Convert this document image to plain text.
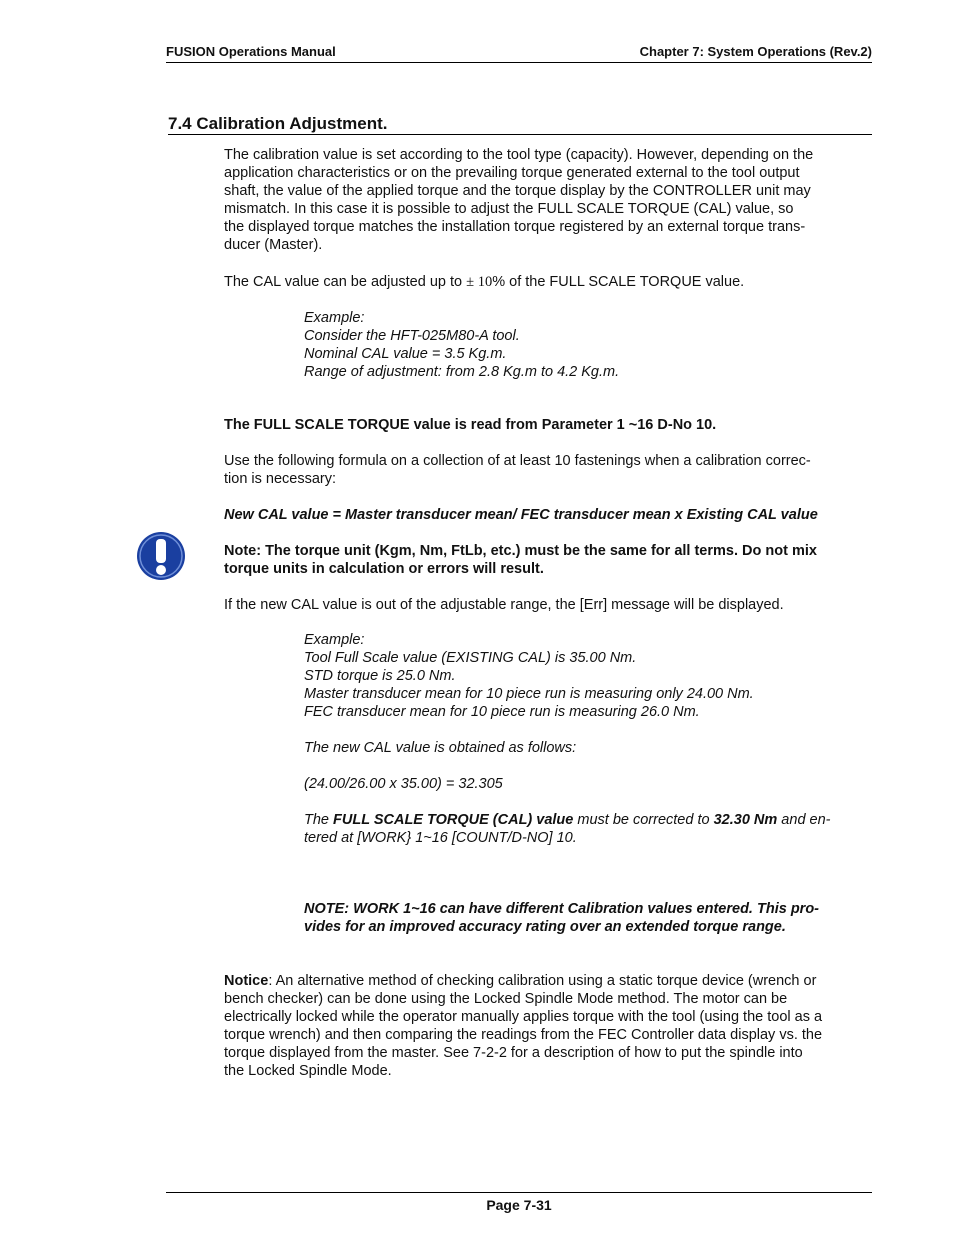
FUSION Operations Manual	Chapter 7: System Operations (Rev.2)
7.4 Calibration Adjustment.
The calibration value is set according to the tool type (capacity). However, depending on the
application characteristics or on the prevailing torque generated external to the tool output
shaft, the value of the applied torque and the torque display by the CONTROLLER unit may
mismatch. In this case it is possible to adjust the FULL SCALE TORQUE (CAL) value, so
the displayed torque matches the installation torque registered by an external torque trans-
ducer (Master).
The CAL value can be adjusted up to ± 10% of the FULL SCALE TORQUE value.
Example:
Consider the HFT-025M80-A tool.
Nominal CAL value = 3.5 Kg.m.
Range of adjustment: from 2.8 Kg.m to 4.2 Kg.m.
The FULL SCALE TORQUE value is read from Parameter 1 ~16 D-No 10.
Use the following formula on a collection of at least 10 fastenings when a calibration correc-
tion is necessary:
New CAL value = Master transducer mean/ FEC transducer mean x Existing CAL value
Note: The torque unit (Kgm, Nm, FtLb, etc.) must be the same for all terms. Do not mix
torque units in calculation or errors will result.
If the new CAL value is out of the adjustable range, the [Err] message will be displayed.
Example:
Tool Full Scale value (EXISTING CAL) is 35.00 Nm.
STD torque is 25.0 Nm.
Master transducer mean for 10 piece run is measuring only 24.00 Nm.
FEC transducer mean for 10 piece run is measuring 26.0 Nm.
The new CAL value is obtained as follows:
(24.00/26.00 x 35.00) = 32.305
The FULL SCALE TORQUE (CAL) value must be corrected to 32.30 Nm and en-
tered at [WORK} 1~16 [COUNT/D-NO] 10.
NOTE: WORK 1~16 can have different Calibration values entered. This pro-
vides for an improved accuracy rating over an extended torque range.
Notice: An alternative method of checking calibration using a static torque device (wrench or
bench checker) can be done using the Locked Spindle Mode method. The motor can be
electrically locked while the operator manually applies torque with the tool (using the tool as a
torque wrench) and then comparing the readings from the FEC Controller data display vs. the
torque displayed from the master. See 7-2-2 for a description of how to put the spindle into
the Locked Spindle Mode.
Page 7-31
